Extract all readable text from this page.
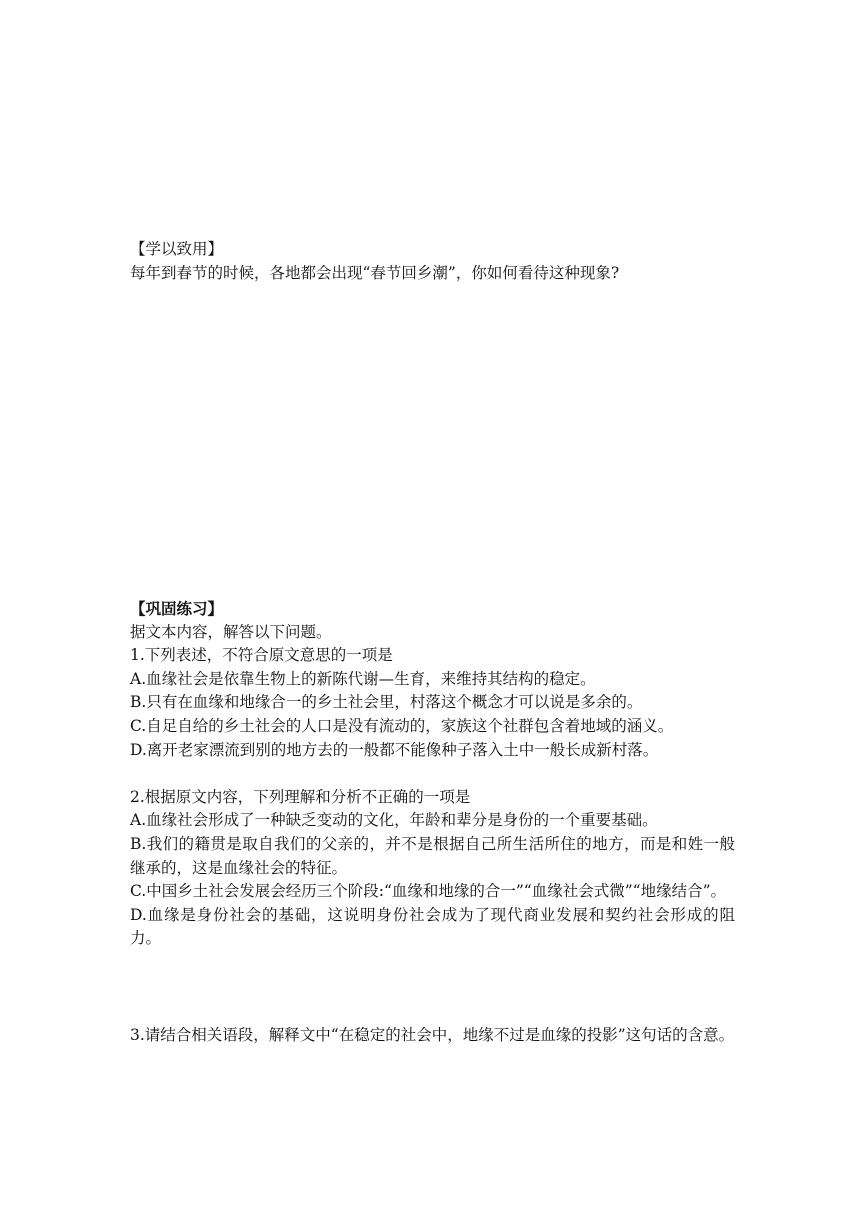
【学以致用】
每年到春节的时候，各地都会出现“春节回乡潮”，你如何看待这种现象?
【巩固练习】
据文本内容，解答以下问题。
1.下列表述，不符合原文意思的一项是
A.血缘社会是依靠生物上的新陈代谢—生育，来维持其结构的稳定。
B.只有在血缘和地缘合一的乡土社会里，村落这个概念才可以说是多余的。
C.自足自给的乡土社会的人口是没有流动的，家族这个社群包含着地域的涵义。
D.离开老家漂流到别的地方去的一般都不能像种子落入土中一般长成新村落。
2.根据原文内容，下列理解和分析不正确的一项是
A.血缘社会形成了一种缺乏变动的文化，年龄和辈分是身份的一个重要基础。
B.我们的籍贯是取自我们的父亲的，并不是根据自己所生活所住的地方，而是和姓一般继承的，这是血缘社会的特征。
C.中国乡土社会发展会经历三个阶段:“血缘和地缘的合一”“血缘社会式微”“地缘结合”。
D.血缘是身份社会的基础，这说明身份社会成为了现代商业发展和契约社会形成的阻力。
3.请结合相关语段，解释文中“在稳定的社会中，地缘不过是血缘的投影”这句话的含意。
